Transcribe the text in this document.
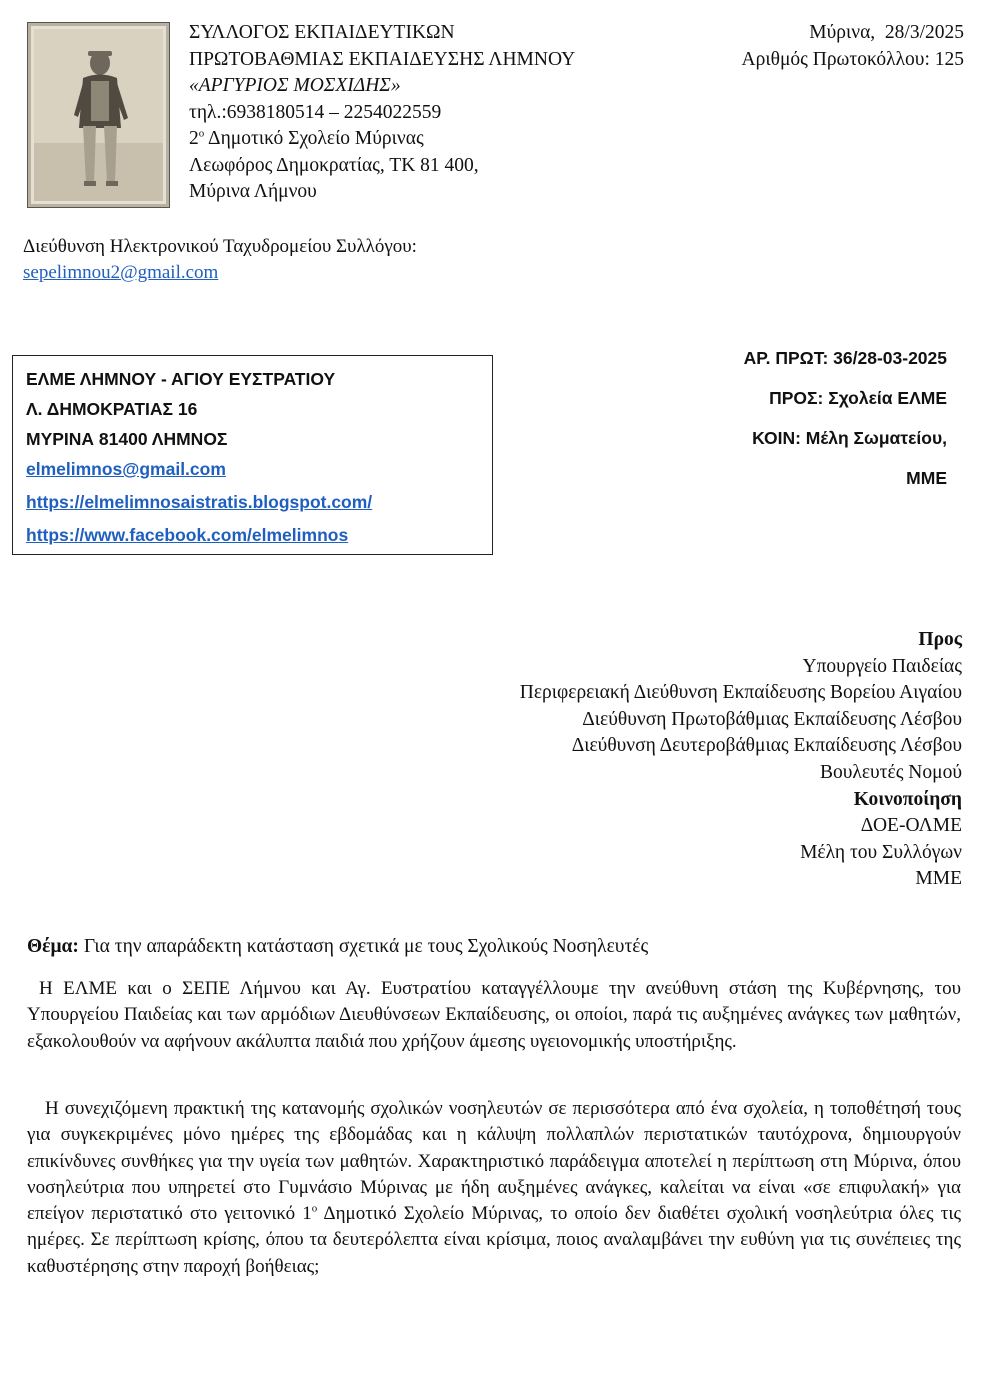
ΣΥΛΛΟΓΟΣ ΕΚΠΑΙΔΕΥΤΙΚΩΝ
ΠΡΩΤΟΒΑΘΜΙΑΣ ΕΚΠΑΙΔΕΥΣΗΣ ΛΗΜΝΟΥ
«ΑΡΓΥΡΙΟΣ ΜΟΣΧΙΔΗΣ»
τηλ.:6938180514 – 2254022559
$2^o$ Δημοτικό Σχολείο Μύρινας
Λεωφόρος Δημοκρατίας, ΤΚ 81 400,
Μύρινα Λήμνου
Μύρινα,  28/3/2025
Αριθμός Πρωτοκόλλου: 125
Διεύθυνση Ηλεκτρονικού Ταχυδρομείου Συλλόγου:
sepelimnou2@gmail.com
ΕΛΜΕ ΛΗΜΝΟΥ - ΑΓΙΟΥ ΕΥΣΤΡΑΤΙΟΥ
Λ. ΔΗΜΟΚΡΑΤΙΑΣ 16
ΜΥΡΙΝΑ 81400 ΛΗΜΝΟΣ
elmelimnos@gmail.com
https://elmelimnosaistratis.blogspot.com/
https://www.facebook.com/elmelimnos
ΑΡ. ΠΡΩΤ: 36/28-03-2025
ΠΡΟΣ: Σχολεία ΕΛΜΕ
ΚΟΙΝ: Μέλη Σωματείου,
ΜΜΕ
Προς
Υπουργείο Παιδείας
Περιφερειακή Διεύθυνση Εκπαίδευσης Βορείου Αιγαίου
Διεύθυνση Πρωτοβάθμιας Εκπαίδευσης Λέσβου
Διεύθυνση Δευτεροβάθμιας Εκπαίδευσης Λέσβου
Βουλευτές Νομού
Κοινοποίηση
ΔΟΕ-ΟΛΜΕ
Μέλη του Συλλόγων
ΜΜΕ
Θέμα: Για την απαράδεκτη κατάσταση σχετικά με τους Σχολικούς Νοσηλευτές
Η ΕΛΜΕ και ο ΣΕΠΕ Λήμνου και Αγ. Ευστρατίου καταγγέλλουμε την ανεύθυνη στάση της Κυβέρνησης, του Υπουργείου Παιδείας και των αρμόδιων Διευθύνσεων Εκπαίδευσης, οι οποίοι, παρά τις αυξημένες ανάγκες των μαθητών, εξακολουθούν να αφήνουν ακάλυπτα παιδιά που χρήζουν άμεσης υγειονομικής υποστήριξης.
Η συνεχιζόμενη πρακτική της κατανομής σχολικών νοσηλευτών σε περισσότερα από ένα σχολεία, η τοποθέτησή τους για συγκεκριμένες μόνο ημέρες της εβδομάδας και η κάλυψη πολλαπλών περιστατικών ταυτόχρονα, δημιουργούν επικίνδυνες συνθήκες για την υγεία των μαθητών. Χαρακτηριστικό παράδειγμα αποτελεί η περίπτωση στη Μύρινα, όπου νοσηλεύτρια που υπηρετεί στο Γυμνάσιο Μύρινας με ήδη αυξημένες ανάγκες, καλείται να είναι «σε επιφυλακή» για επείγον περιστατικό στο γειτονικό $1^o$ Δημοτικό Σχολείο Μύρινας, το οποίο δεν διαθέτει σχολική νοσηλεύτρια όλες τις ημέρες. Σε περίπτωση κρίσης, όπου τα δευτερόλεπτα είναι κρίσιμα, ποιος αναλαμβάνει την ευθύνη για τις συνέπειες της καθυστέρησης στην παροχή βοήθειας;
